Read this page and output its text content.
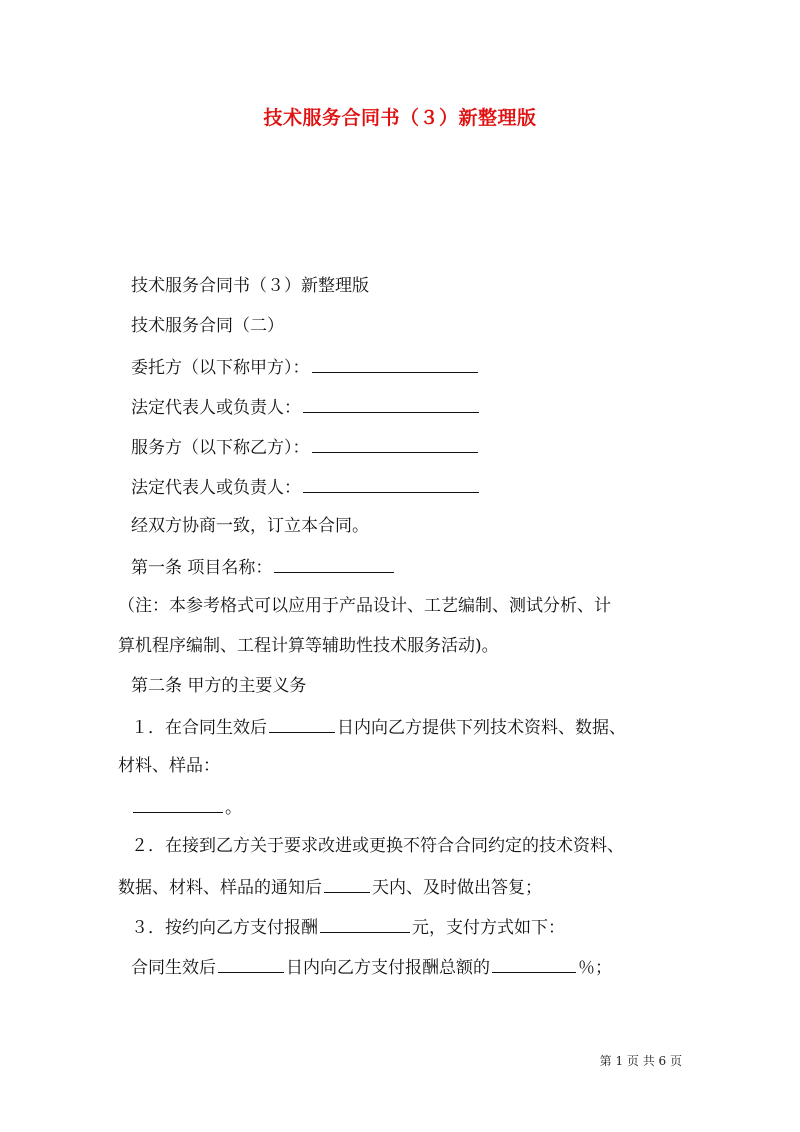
技术服务合同书（３）新整理版
技术服务合同书（３）新整理版
技术服务合同（二）
委托方（以下称甲方）：
法定代表人或负责人：
服务方（以下称乙方）：
法定代表人或负责人：
经双方协商一致，订立本合同。
第一条 项目名称：
（注：本参考格式可以应用于产品设计、工艺编制、测试分析、计
算机程序编制、工程计算等辅助性技术服务活动)。
第二条 甲方的主要义务
１．在合同生效后	日内向乙方提供下列技术资料、数据、
材料、样品：
。
２．在接到乙方关于要求改进或更换不符合合同约定的技术资料、
数据、材料、样品的通知后	天内、及时做出答复；
３．按约向乙方支付报酬	元，支付方式如下：
合同生效后	日内向乙方支付报酬总额的	％；
第 1 页 共 6 页
